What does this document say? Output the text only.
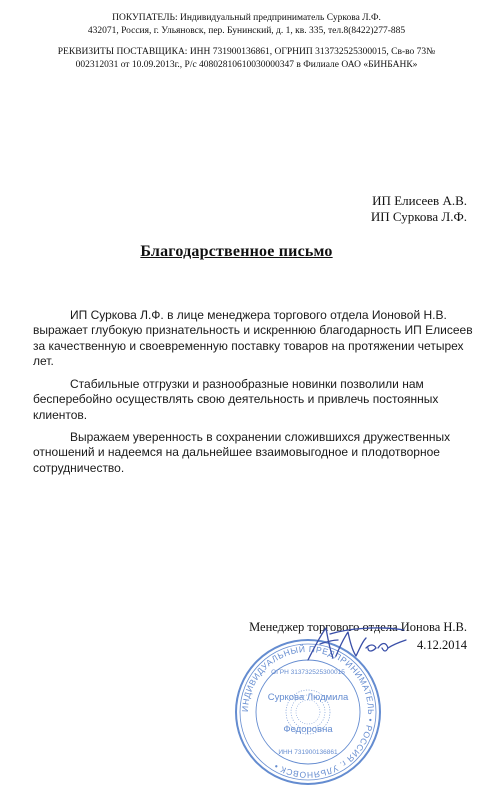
ПОКУПАТЕЛЬ: Индивидуальный предприниматель Суркова Л.Ф.
432071, Россия, г. Ульяновск, пер. Бунинский, д. 1, кв. 335, тел.8(8422)277-885
РЕКВИЗИТЫ ПОСТАВЩИКА: ИНН 731900136861, ОГРНИП 313732525300015, Св-во 73№
002312031 от 10.09.2013г., Р/с 40802810610030000347 в Филиале ОАО «БИНБАНК»
ИП Елисеев А.В.
ИП Суркова Л.Ф.
Благодарственное письмо
ИП Суркова Л.Ф. в лице менеджера торгового отдела Ионовой Н.В. выражает глубокую признательность и искреннюю благодарность ИП Елисеев за качественную и своевременную поставку товаров на протяжении четырех лет.
Стабильные отгрузки и разнообразные новинки позволили нам бесперебойно осуществлять свою деятельность и привлечь постоянных клиентов.
Выражаем уверенность в сохранении сложившихся дружественных отношений и надеемся на дальнейшее взаимовыгодное и плодотворное сотрудничество.
Менеджер торгового отдела Ионова Н.В.
4.12.2014
ИНДИВИДУАЛЬНЫЙ ПРЕДПРИНИМАТЕЛЬ • РОССИЯ г. УЛЬЯНОВСК •
ОГРН 313732525300015
ИНН 731900136861
Суркова Людмила
Федоровна
